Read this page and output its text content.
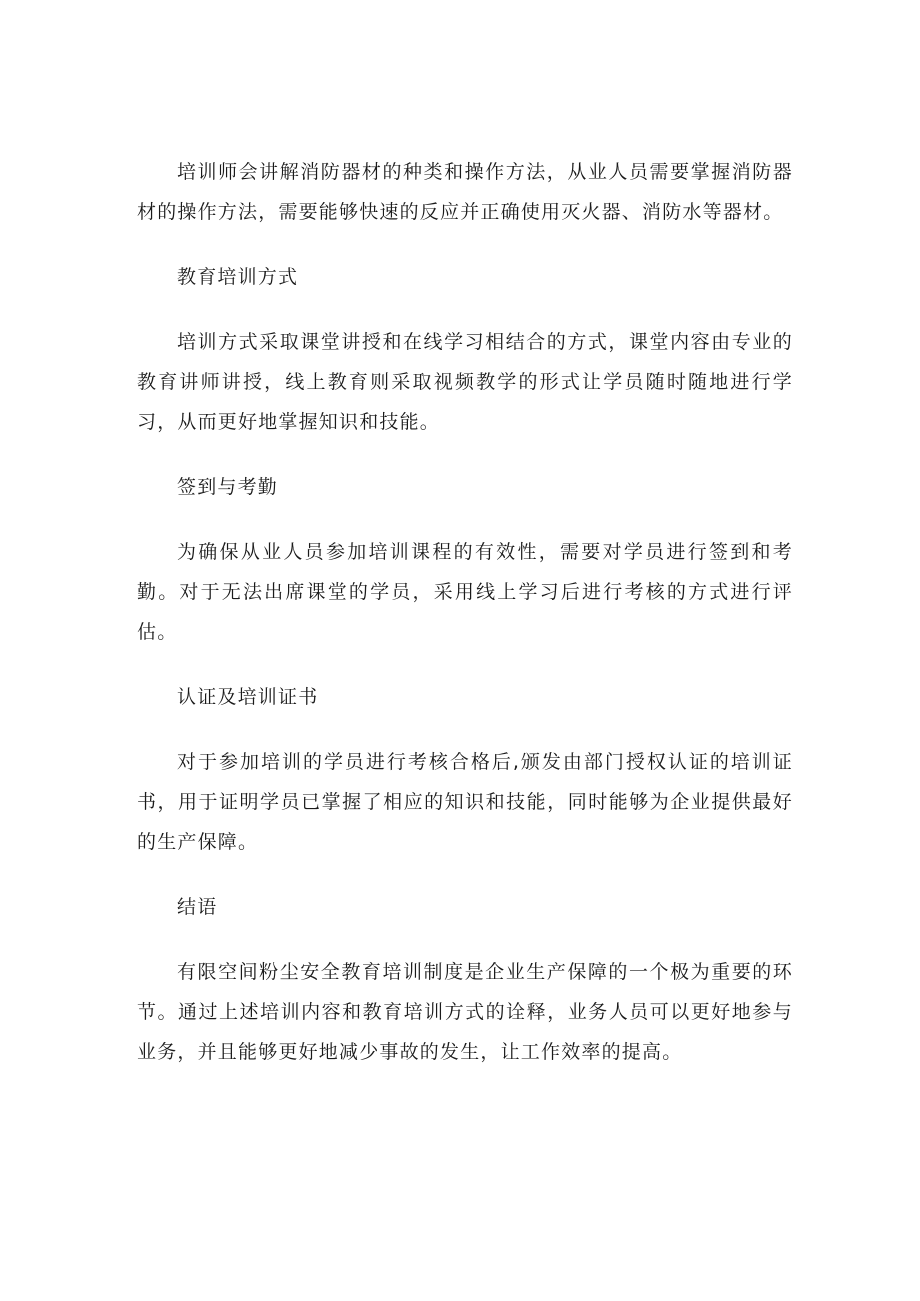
培训师会讲解消防器材的种类和操作方法，从业人员需要掌握消防器材的操作方法，需要能够快速的反应并正确使用灭火器、消防水等器材。

教育培训方式

培训方式采取课堂讲授和在线学习相结合的方式，课堂内容由专业的教育讲师讲授，线上教育则采取视频教学的形式让学员随时随地进行学习，从而更好地掌握知识和技能。

签到与考勤

为确保从业人员参加培训课程的有效性，需要对学员进行签到和考勤。对于无法出席课堂的学员，采用线上学习后进行考核的方式进行评估。

认证及培训证书

对于参加培训的学员进行考核合格后,颁发由部门授权认证的培训证书，用于证明学员已掌握了相应的知识和技能，同时能够为企业提供最好的生产保障。

结语

有限空间粉尘安全教育培训制度是企业生产保障的一个极为重要的环节。通过上述培训内容和教育培训方式的诠释，业务人员可以更好地参与业务，并且能够更好地减少事故的发生，让工作效率的提高。
